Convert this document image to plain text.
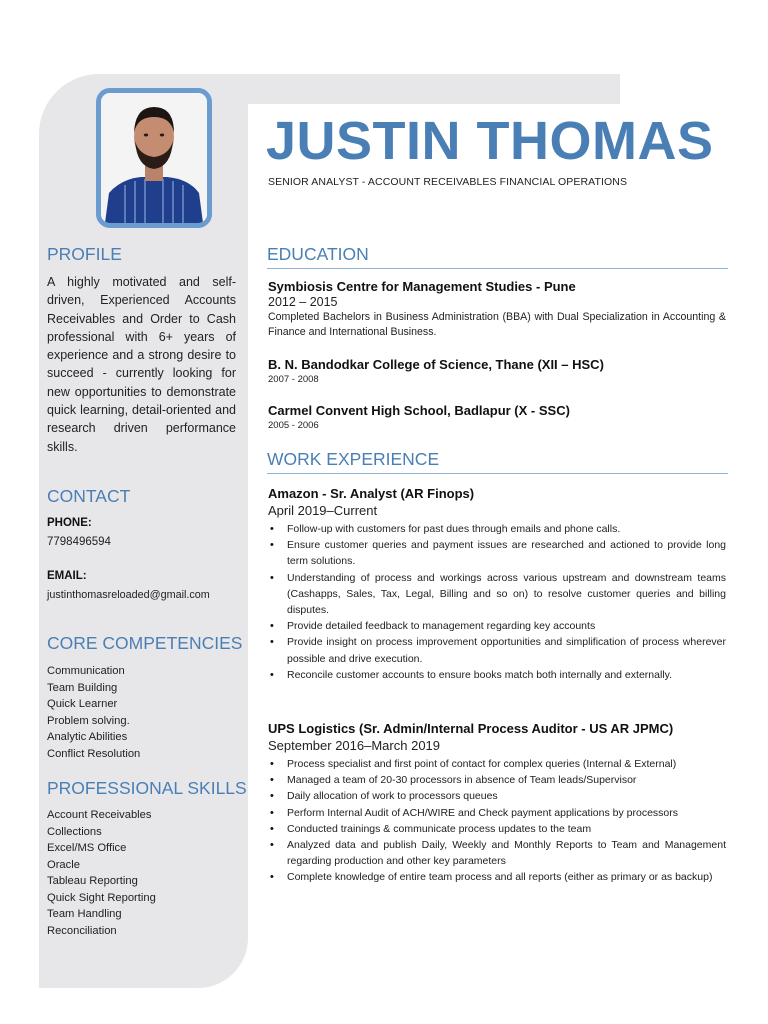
JUSTIN THOMAS
SENIOR ANALYST - ACCOUNT RECEIVABLES FINANCIAL OPERATIONS
PROFILE
A highly motivated and self-driven, Experienced Accounts Receivables and Order to Cash professional with 6+ years of experience and a strong desire to succeed - currently looking for new opportunities to demonstrate quick learning, detail-oriented and research driven performance skills.
CONTACT
PHONE:
7798496594
EMAIL:
justinthomasreloaded@gmail.com
CORE COMPETENCIES
Communication
Team Building
Quick Learner
Problem solving.
Analytic Abilities
Conflict Resolution
PROFESSIONAL SKILLS
Account Receivables
Collections
Excel/MS Office
Oracle
Tableau Reporting
Quick Sight Reporting
Team Handling
Reconciliation
EDUCATION
Symbiosis Centre for Management Studies - Pune
2012 – 2015
Completed Bachelors in Business Administration (BBA) with Dual Specialization in Accounting & Finance and International Business.
B. N. Bandodkar College of Science, Thane (XII – HSC)
2007 - 2008
Carmel Convent High School, Badlapur (X - SSC)
2005 - 2006
WORK EXPERIENCE
Amazon - Sr. Analyst (AR Finops)
April 2019–Current
• Follow-up with customers for past dues through emails and phone calls.
• Ensure customer queries and payment issues are researched and actioned to provide long term solutions.
• Understanding of process and workings across various upstream and downstream teams (Cashapps, Sales, Tax, Legal, Billing and so on) to resolve customer queries and billing disputes.
• Provide detailed feedback to management regarding key accounts
• Provide insight on process improvement opportunities and simplification of process wherever possible and drive execution.
• Reconcile customer accounts to ensure books match both internally and externally.
UPS Logistics (Sr. Admin/Internal Process Auditor - US AR JPMC)
September 2016–March 2019
• Process specialist and first point of contact for complex queries (Internal & External)
• Managed a team of 20-30 processors in absence of Team leads/Supervisor
• Daily allocation of work to processors queues
• Perform Internal Audit of ACH/WIRE and Check payment applications by processors
• Conducted trainings & communicate process updates to the team
• Analyzed data and publish Daily, Weekly and Monthly Reports to Team and Management regarding production and other key parameters
• Complete knowledge of entire team process and all reports (either as primary or as backup)
